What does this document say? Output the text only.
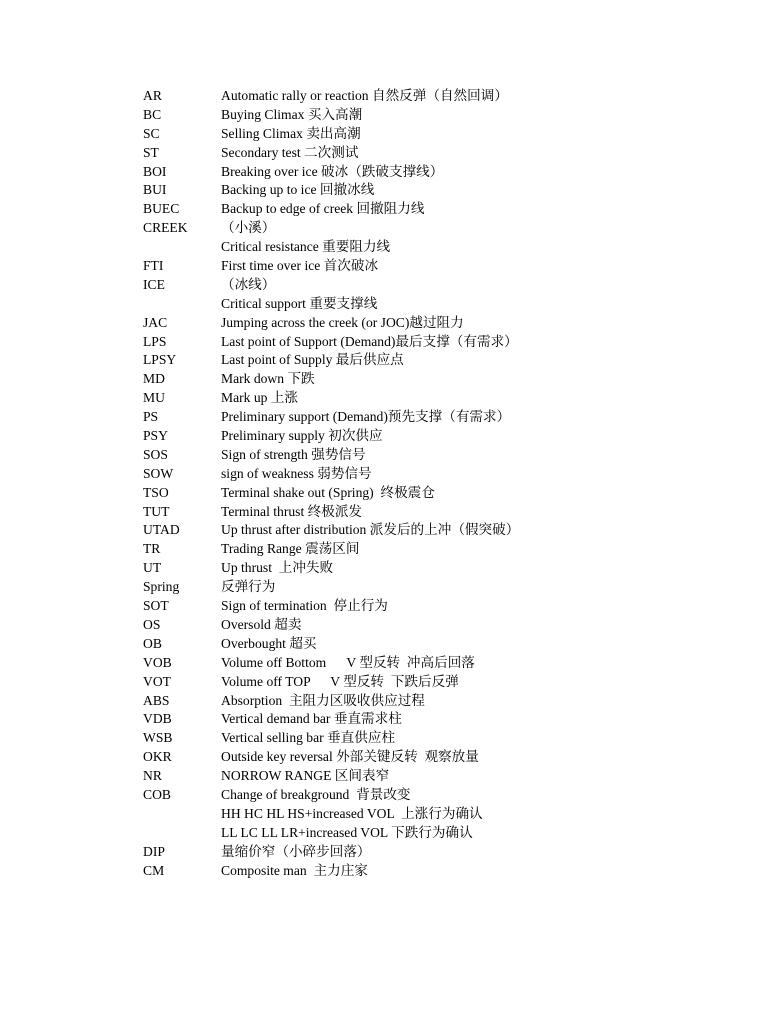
AR	Automatic rally or reaction 自然反弹（自然回调）
BC	Buying Climax 买入高潮
SC	Selling Climax 卖出高潮
ST	Secondary test 二次测试
BOI	Breaking over ice 破冰（跌破支撑线）
BUI	Backing up to ice 回撤冰线
BUEC	Backup to edge of creek 回撤阻力线
CREEK	（小溪）
Critical resistance 重要阻力线
FTI	First time over ice 首次破冰
ICE	（冰线）
Critical support 重要支撑线
JAC	Jumping across the creek (or JOC)越过阻力
LPS	Last point of Support (Demand)最后支撑（有需求）
LPSY	Last point of Supply 最后供应点
MD	Mark down 下跌
MU	Mark up 上涨
PS	Preliminary support (Demand)预先支撑（有需求）
PSY	Preliminary supply 初次供应
SOS	Sign of strength 强势信号
SOW	sign of weakness 弱势信号
TSO	Terminal shake out (Spring)  终极震仓
TUT	Terminal thrust 终极派发
UTAD	Up thrust after distribution 派发后的上冲（假突破）
TR	Trading Range 震荡区间
UT	Up thrust  上冲失败
Spring	反弹行为
SOT	Sign of termination  停止行为
OS	Oversold 超卖
OB	Overbought 超买
VOB	Volume off Bottom      V 型反转  冲高后回落
VOT	Volume off TOP      V 型反转  下跌后反弹
ABS	Absorption  主阻力区吸收供应过程
VDB	Vertical demand bar 垂直需求柱
WSB	Vertical selling bar 垂直供应柱
OKR	Outside key reversal 外部关键反转  观察放量
NR	NORROW RANGE 区间表窄
COB	Change of breakground  背景改变
HH HC HL HS+increased VOL  上涨行为确认
LL LC LL LR+increased VOL 下跌行为确认
DIP	量缩价窄（小碎步回落）
CM	Composite man  主力庄家
